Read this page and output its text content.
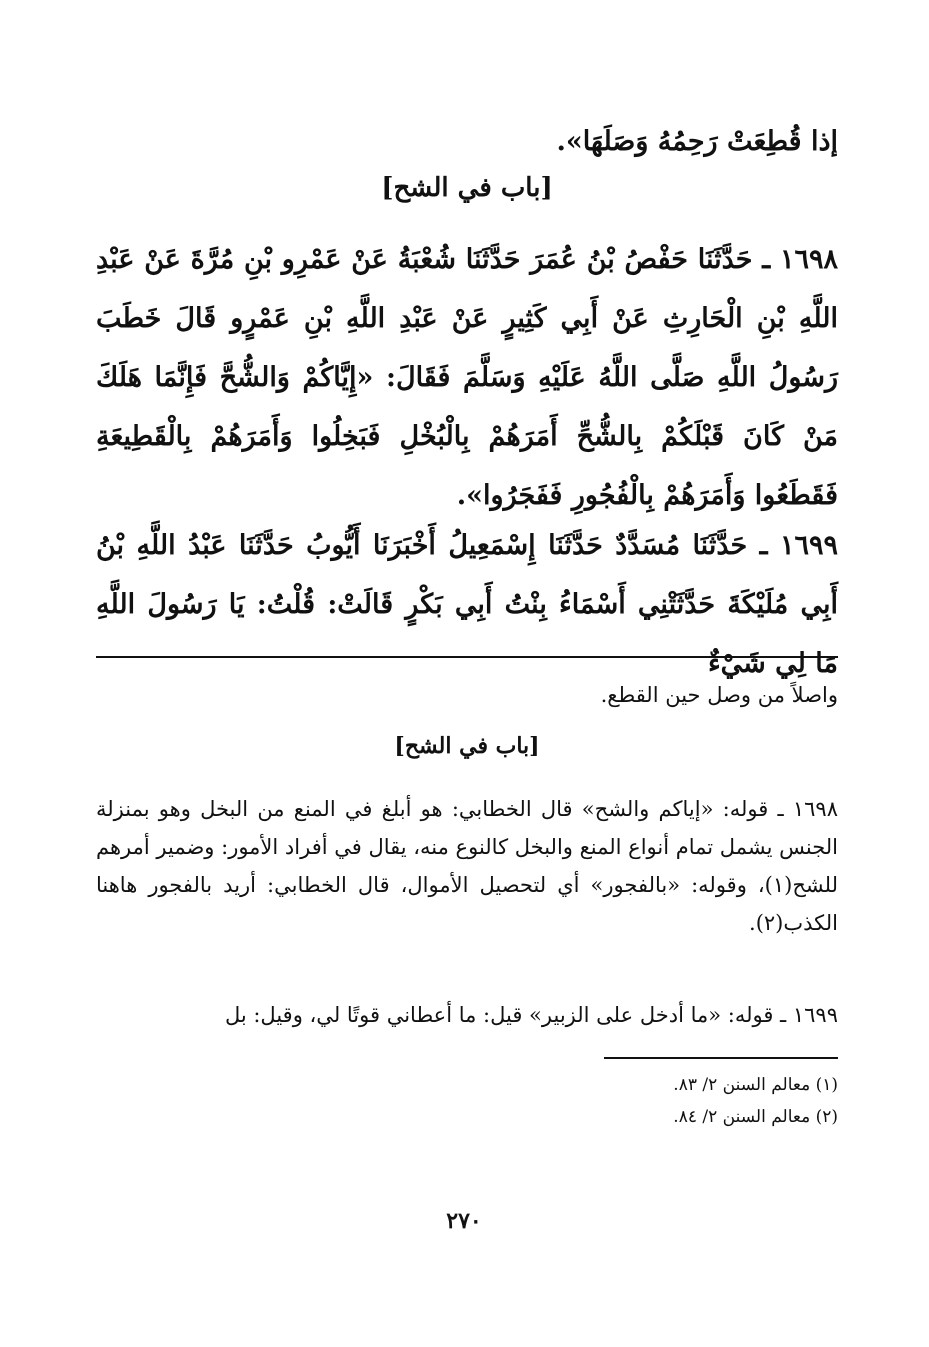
إذا قُطِعَتْ رَحِمُهُ وَصَلَهَا».

[باب في الشح]

١٦٩٨ ـ حَدَّثَنَا حَفْصُ بْنُ عُمَرَ حَدَّثَنَا شُعْبَةُ عَنْ عَمْرِو بْنِ مُرَّةَ عَنْ عَبْدِ اللَّهِ بْنِ الْحَارِثِ عَنْ أَبِي كَثِيرٍ عَنْ عَبْدِ اللَّهِ بْنِ عَمْرٍو قَالَ خَطَبَ رَسُولُ اللَّهِ صَلَّى اللَّهُ عَلَيْهِ وَسَلَّمَ فَقَالَ: «إِيَّاكُمْ وَالشُّحَّ فَإِنَّمَا هَلَكَ مَنْ كَانَ قَبْلَكُمْ بِالشُّحِّ أَمَرَهُمْ بِالْبُخْلِ فَبَخِلُوا وَأَمَرَهُمْ بِالْقَطِيعَةِ فَقَطَعُوا وَأَمَرَهُمْ بِالْفُجُورِ فَفَجَرُوا».

١٦٩٩ ـ حَدَّثَنَا مُسَدَّدٌ حَدَّثَنَا إِسْمَعِيلُ أَخْبَرَنَا أَيُّوبُ حَدَّثَنَا عَبْدُ اللَّهِ بْنُ أَبِي مُلَيْكَةَ حَدَّثَتْنِي أَسْمَاءُ بِنْتُ أَبِي بَكْرٍ قَالَتْ: قُلْتُ: يَا رَسُولَ اللَّهِ مَا لِي شَيْءٌ

واصلاً من وصل حين القطع.

[باب في الشح]

١٦٩٨ ـ قوله: «إياكم والشح» قال الخطابي: هو أبلغ في المنع من البخل وهو بمنزلة الجنس يشمل تمام أنواع المنع والبخل كالنوع منه، يقال في أفراد الأمور: وضمير أمرهم للشح(١)، وقوله: «بالفجور» أي لتحصيل الأموال، قال الخطابي: أريد بالفجور هاهنا الكذب(٢).

١٦٩٩ ـ قوله: «ما أدخل على الزبير» قيل: ما أعطاني قوتًا لي، وقيل: بل

(١) معالم السنن ٢/ ٨٣.

(٢) معالم السنن ٢/ ٨٤.

٢٧٠
